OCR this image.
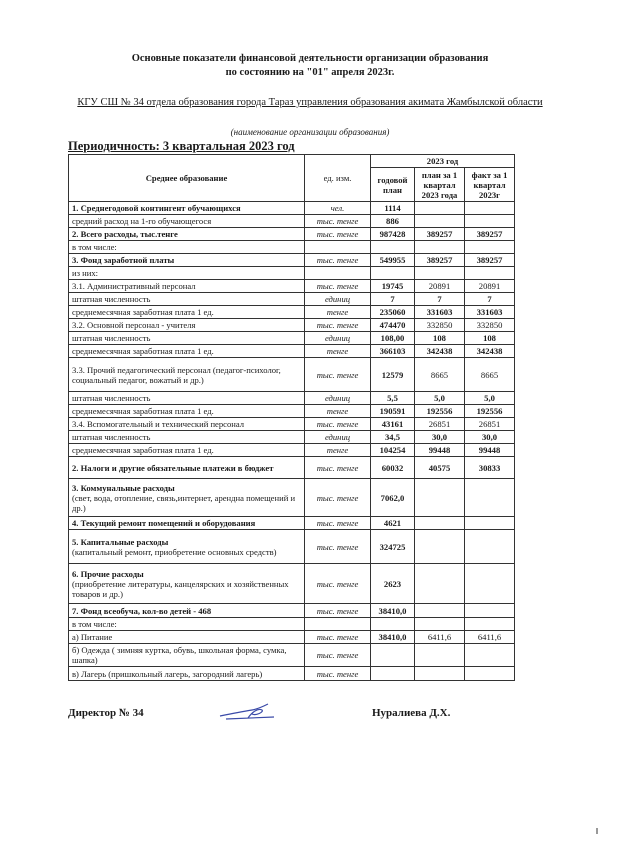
Основные показатели финансовой деятельности организации образования
по состоянию на "01" апреля 2023г.
КГУ СШ № 34 отдела образования города Тараз управления образования акимата Жамбылской области
(наименование организации образования)
Периодичность: 3 квартальная 2023 год
Среднее образование	ед. изм.	2023 год		
		годовой план	план за 1 квартал 2023 года	факт за 1 квартал 2023г
1. Среднегодовой контингент обучающихся	чел.	1114		
средний расход на 1-го обучающегося	тыс. тенге	886		
2. Всего расходы, тыс.тенге	тыс. тенге	987428	389257	389257
в том числе:				
3. Фонд заработной платы	тыс. тенге	549955	389257	389257
из них:				
3.1. Административный персонал	тыс. тенге	19745	20891	20891
штатная численность	единиц	7	7	7
среднемесячная заработная плата 1 ед.	тенге	235060	331603	331603
3.2. Основной персонал - учителя	тыс. тенге	474470	332850	332850
штатная численность	единиц	108,00	108	108
среднемесячная заработная плата 1 ед.	тенге	366103	342438	342438
3.3. Прочий педагогический персонал (педагог-психолог, социальный педагог, вожатый и др.)	тыс. тенге	12579	8665	8665
штатная численность	единиц	5,5	5,0	5,0
среднемесячная заработная плата 1 ед.	тенге	190591	192556	192556
3.4. Вспомогательный и технический персонал	тыс. тенге	43161	26851	26851
штатная численность	единиц	34,5	30,0	30,0
среднемесячная заработная плата 1 ед.	тенге	104254	99448	99448
2. Налоги и другие обязательные платежи в бюджет	тыс. тенге	60032	40575	30833
3. Коммунальные расходы
(свет, вода, отопление, связь,интернет, арендна помещений и др.)	тыс. тенге	7062,0		
4. Текущий ремонт помещений и оборудования	тыс. тенге	4621		
5. Капитальные расходы
(капитальный ремонт, приобретение основных средств)	тыс. тенге	324725		
6. Прочие расходы
(приобретение литературы, канцелярских и хозяйственных товаров и др.)	тыс. тенге	2623		
7. Фонд всеобуча, кол-во детей - 468	тыс. тенге	38410,0		
в том числе:				
а) Питание	тыс. тенге	38410,0	6411,6	6411,6
б) Одежда ( зимняя куртка, обувь, школьная форма, сумка, шапка)	тыс. тенге			
в) Лагерь (пришкольный лагерь, загородний лагерь)	тыс. тенге			
Директор № 34	Нуралиева Д.Х.
